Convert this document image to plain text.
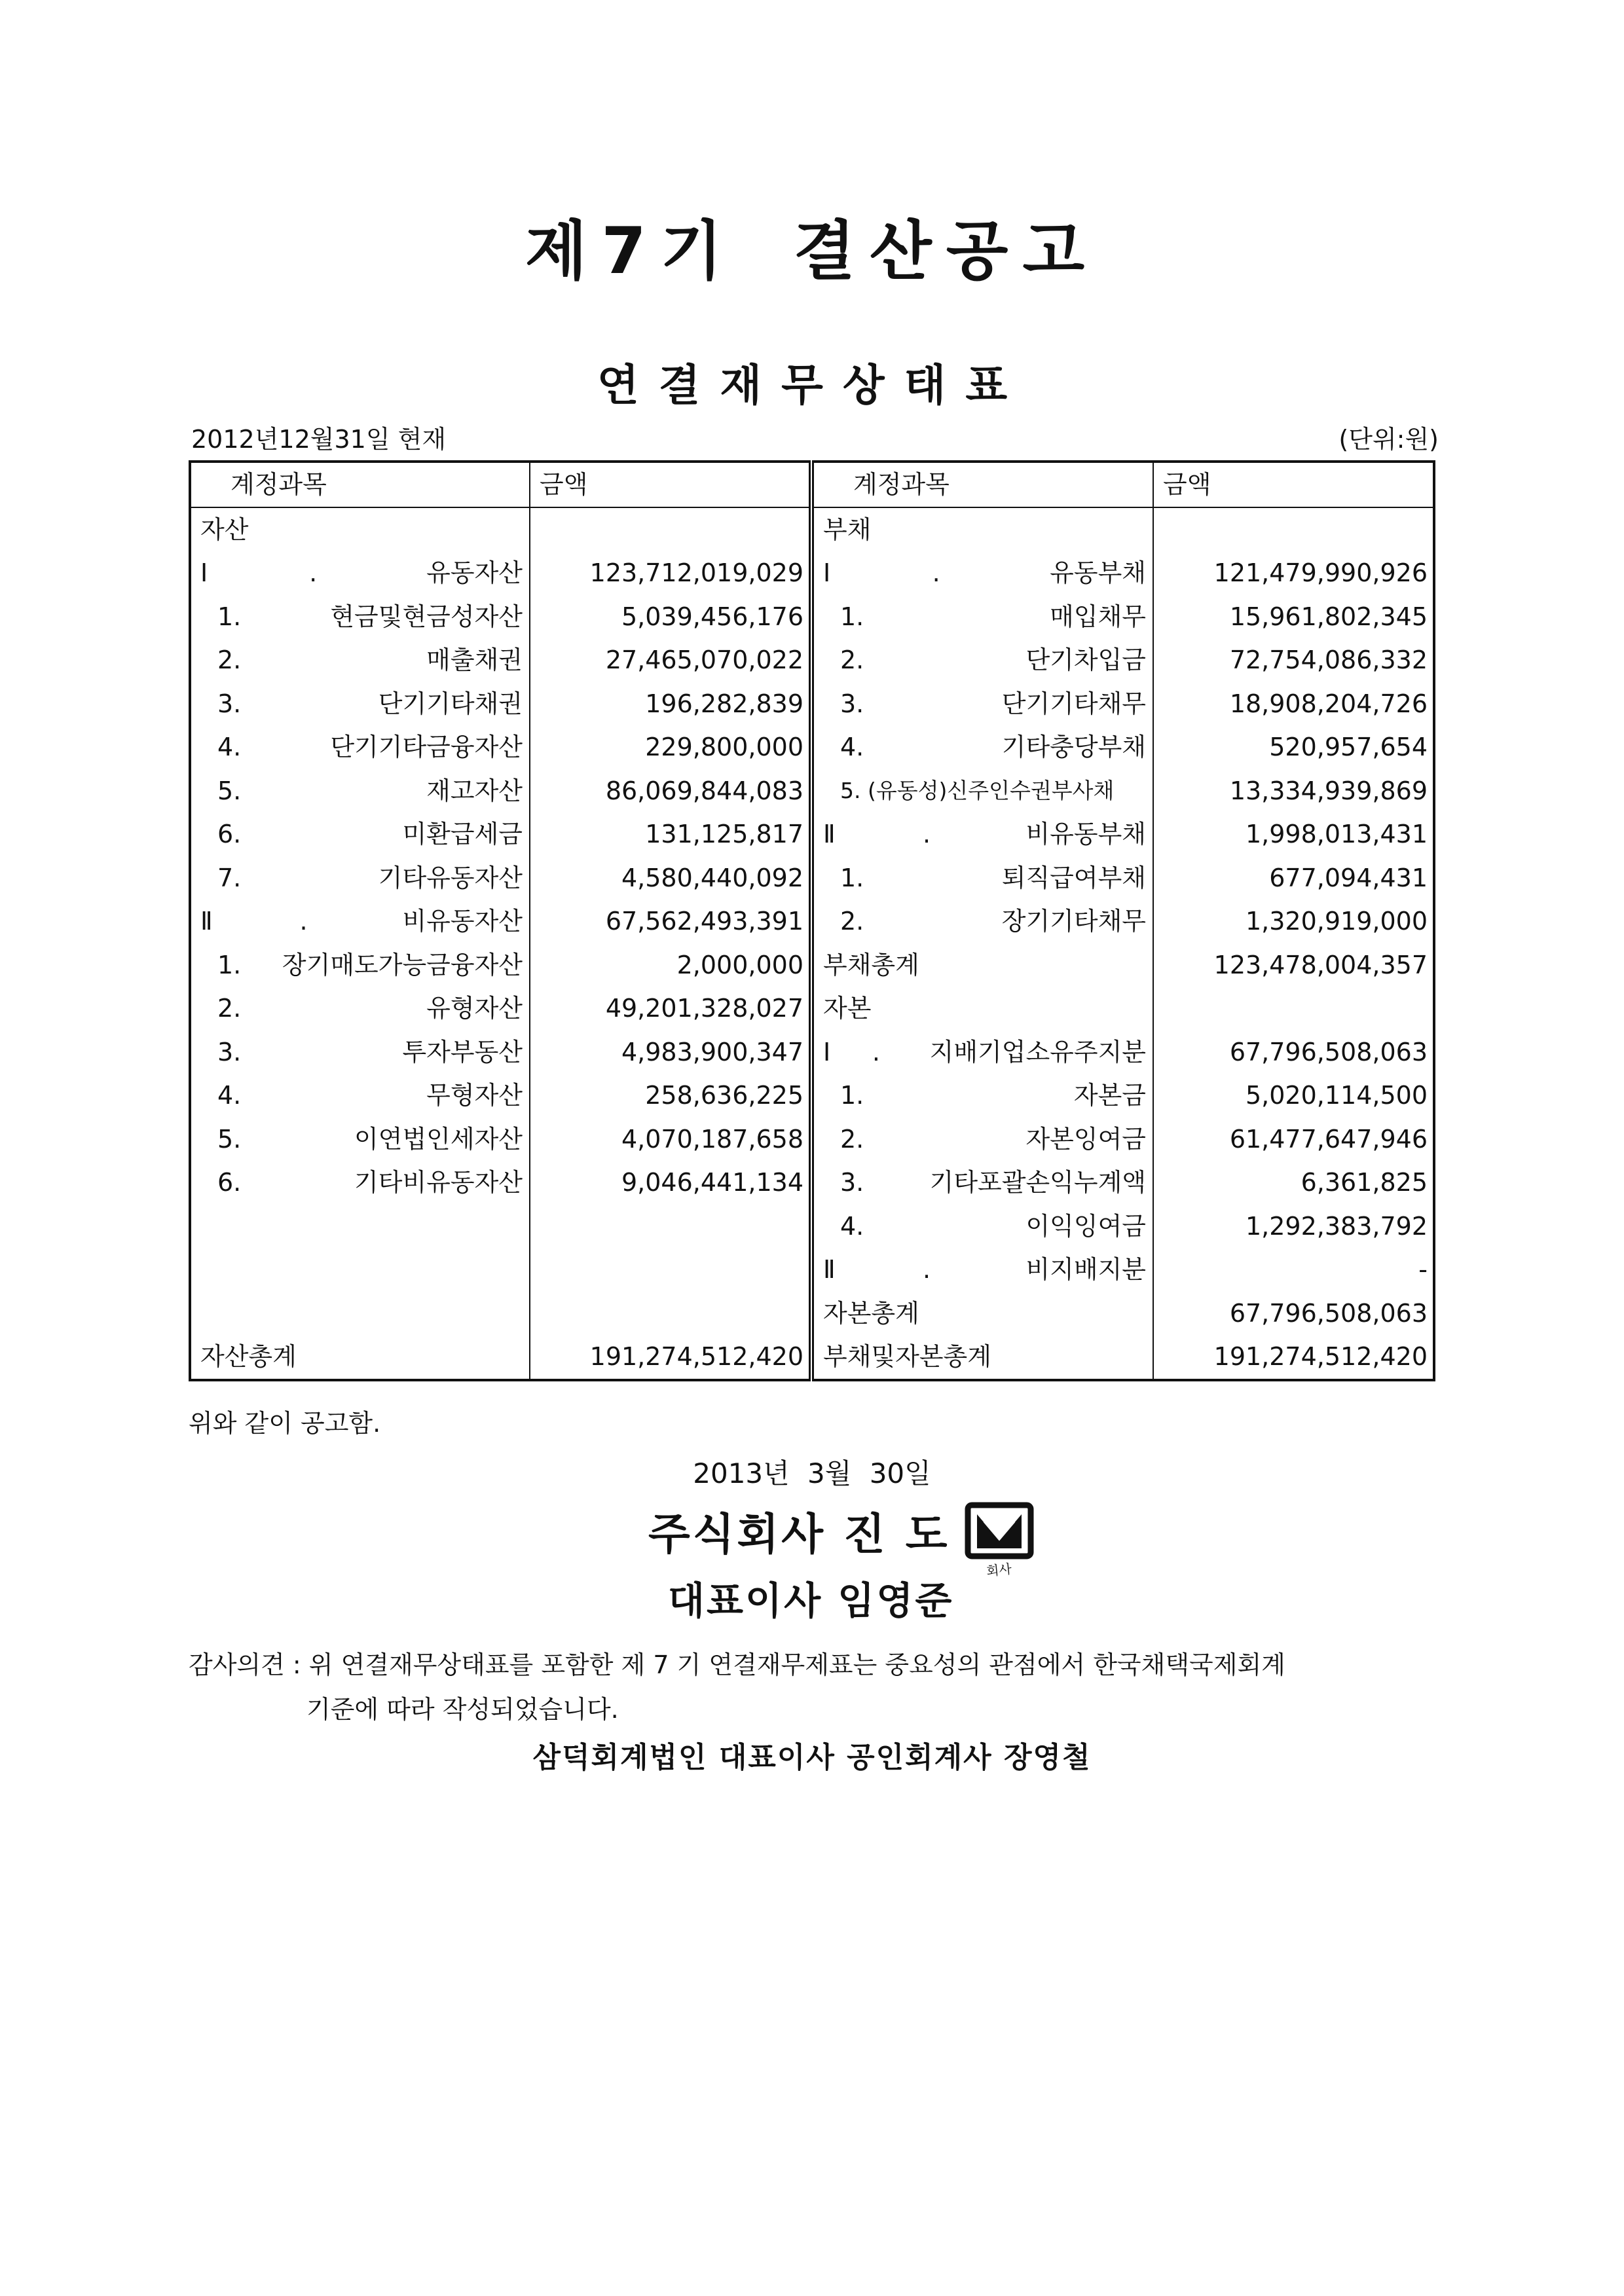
제7기 결산공고
연결재무상태표
2012년12월31일 현재	(단위:원)
계정과목	금액	계정과목	금액
자산		부채	
Ⅰ. 유동자산	123,712,019,029	Ⅰ. 유동부채	121,479,990,926
1. 현금및현금성자산	5,039,456,176	1. 매입채무	15,961,802,345
2. 매출채권	27,465,070,022	2. 단기차입금	72,754,086,332
3. 단기기타채권	196,282,839	3. 단기기타채무	18,908,204,726
4. 단기기타금융자산	229,800,000	4. 기타충당부채	520,957,654
5. 재고자산	86,069,844,083	5. (유동성)신주인수권부사채	13,334,939,869
6. 미환급세금	131,125,817	Ⅱ. 비유동부채	1,998,013,431
7. 기타유동자산	4,580,440,092	1. 퇴직급여부채	677,094,431
Ⅱ. 비유동자산	67,562,493,391	2. 장기기타채무	1,320,919,000
1. 장기매도가능금융자산	2,000,000	부채총계	123,478,004,357
2. 유형자산	49,201,328,027	자본	
3. 투자부동산	4,983,900,347	Ⅰ. 지배기업소유주지분	67,796,508,063
4. 무형자산	258,636,225	1. 자본금	5,020,114,500
5. 이연법인세자산	4,070,187,658	2. 자본잉여금	61,477,647,946
6. 기타비유동자산	9,046,441,134	3. 기타포괄손익누계액	6,361,825
		4. 이익잉여금	1,292,383,792
		Ⅱ. 비지배지분	-
		자본총계	67,796,508,063
자산총계	191,274,512,420	부채및자본총계	191,274,512,420
위와 같이 공고함.
2013년 3월 30일
주식회사 진 도
대표이사 임영준
회사
감사의견 : 위 연결재무상태표를 포함한 제 7 기 연결재무제표는 중요성의 관점에서 한국채택국제회계
기준에 따라 작성되었습니다.
삼덕회계법인 대표이사 공인회계사 장영철
